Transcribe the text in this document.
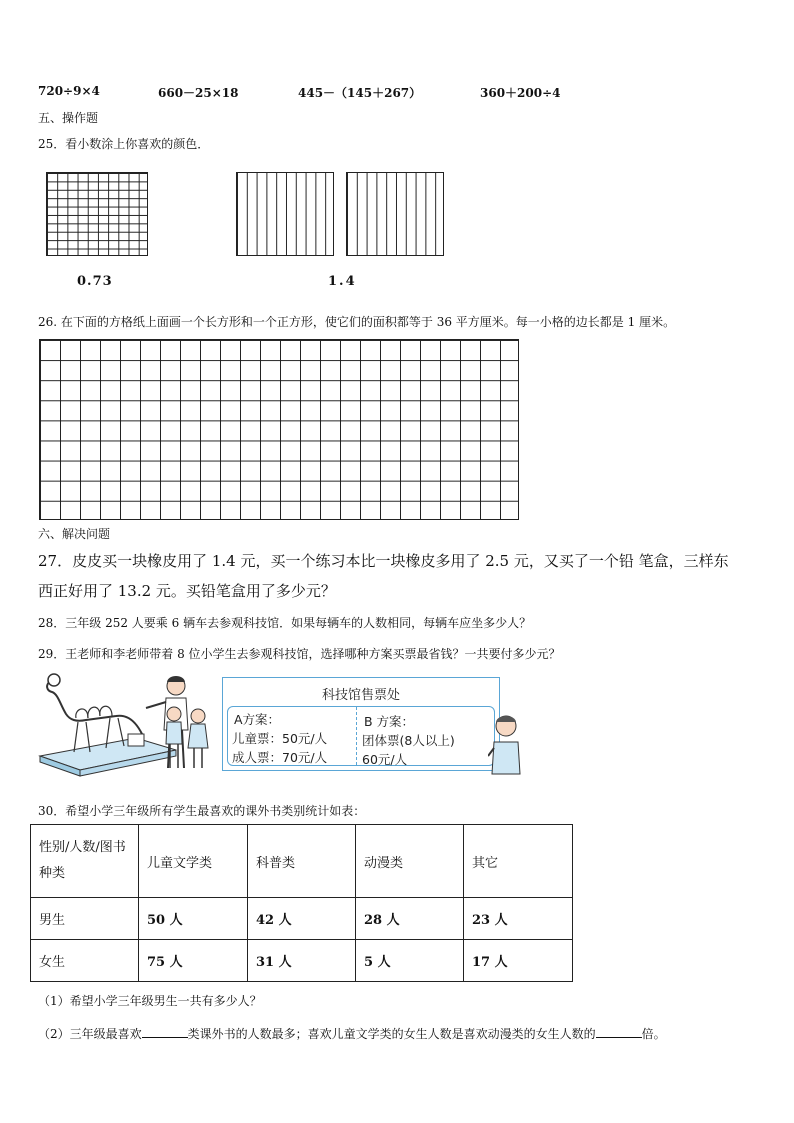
720÷9×4	660－25×18	445－（145＋267）	360＋200÷4
五、操作题
25．看小数涂上你喜欢的颜色．
0.73	1.4
26. 在下面的方格纸上面画一个长方形和一个正方形，使它们的面积都等于 36 平方厘米。每一小格的边长都是 1 厘米。
六、解决问题
27．皮皮买一块橡皮用了 1.4 元，买一个练习本比一块橡皮多用了 2.5 元，又买了一个铅 笔盒，三样东
西正好用了 13.2 元。买铅笔盒用了多少元？
28．三年级 252 人要乘 6 辆车去参观科技馆．如果每辆车的人数相同，每辆车应坐多少人？
29．王老师和李老师带着 8 位小学生去参观科技馆，选择哪种方案买票最省钱？一共要付多少元？
科技馆售票处
A方案：
儿童票：50元/人
成人票：70元/人
B 方案：
团体票(8人以上)
60元/人
30．希望小学三年级所有学生最喜欢的课外书类别统计如表：
性别/人数/图书
种类	儿童文学类	科普类	动漫类	其它
男生	50 人	42 人	28 人	23 人
女生	75 人	31 人	5 人	17 人
（1）希望小学三年级男生一共有多少人？
（2）三年级最喜欢	类课外书的人数最多；喜欢儿童文学类的女生人数是喜欢动漫类的女生人数的	倍。
